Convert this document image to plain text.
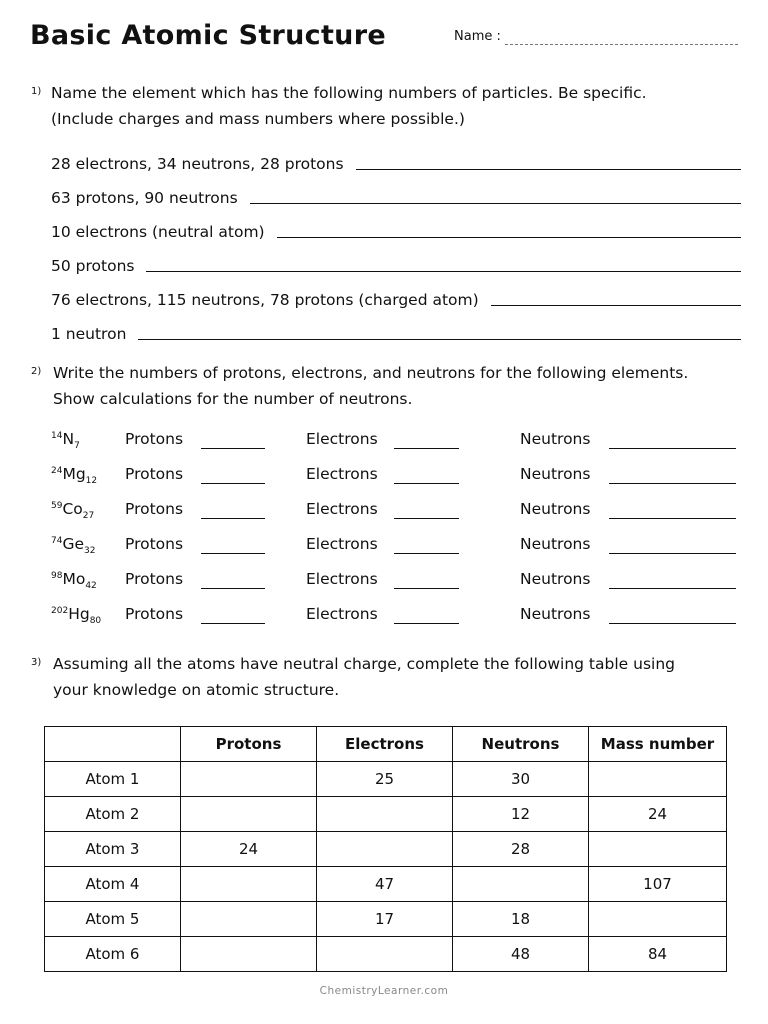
Basic Atomic Structure	Name :
1) Name the element which has the following numbers of particles. Be specific.
(Include charges and mass numbers where possible.)
28 electrons, 34 neutrons, 28 protons
63 protons, 90 neutrons
10 electrons (neutral atom)
50 protons
76 electrons, 115 neutrons, 78 protons (charged atom)
1 neutron
2) Write the numbers of protons, electrons, and neutrons for the following elements.
Show calculations for the number of neutrons.
$^{14}N_7$	Protons	Electrons	Neutrons
$^{24}Mg_{12}$ Protons	Electrons	Neutrons
$^{59}Co_{27}$ Protons	Electrons	Neutrons
$^{74}Ge_{32}$ Protons	Electrons	Neutrons
$^{98}Mo_{42}$ Protons	Electrons	Neutrons
$^{202}Hg_{80}$ Protons	Electrons	Neutrons
3) Assuming all the atoms have neutral charge, complete the following table using
your knowledge on atomic structure.
	Protons	Electrons	Neutrons	Mass number
Atom 1		25	30	
Atom 2			12	24
Atom 3	24		28	
Atom 4		47		107
Atom 5		17	18	
Atom 6			48	84
ChemistryLearner.com
